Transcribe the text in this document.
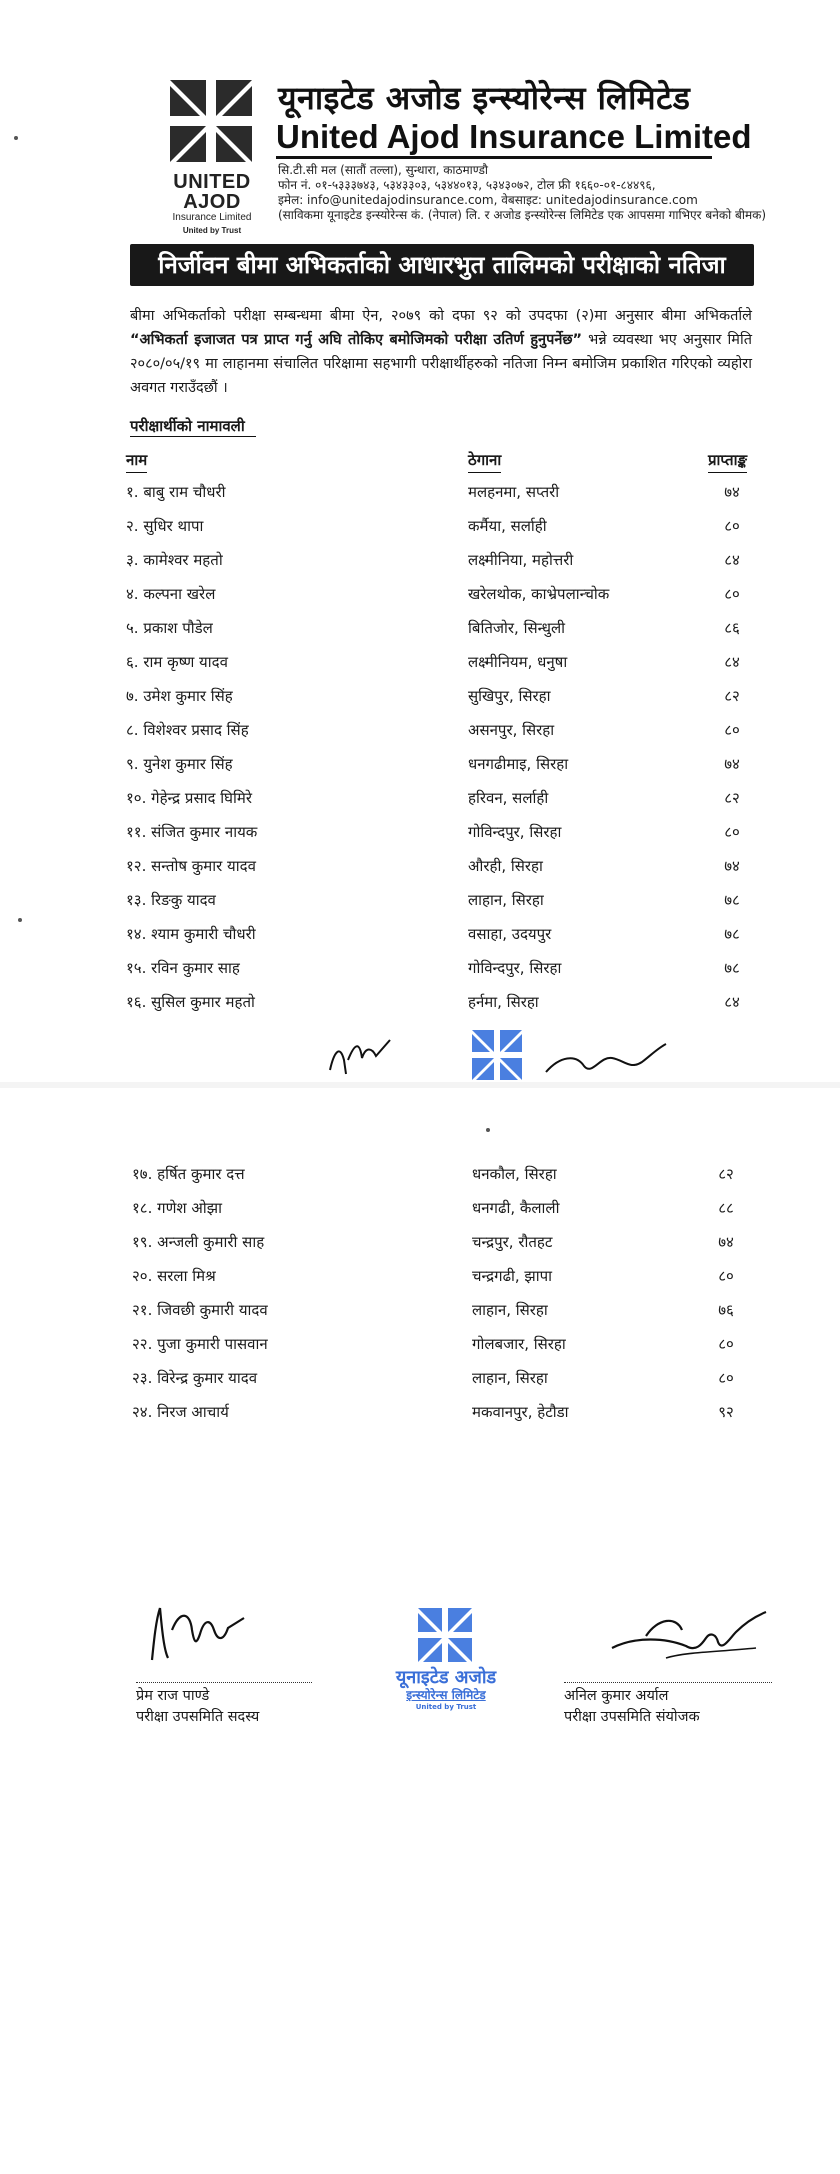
UNITED AJOD
Insurance Limited
United by Trust
यूनाइटेड अजोड इन्स्योरेन्स लिमिटेड
United Ajod Insurance Limited
सि.टी.सी मल (सातौं तल्ला), सुन्धारा, काठमाण्डौ
फोन नं. ०१-५३३३७४३, ५३४३३०३, ५३४४०१३, ५३४३०७२, टोल फ्री १६६०-०१-८४४९६,
इमेल: info@unitedajodinsurance.com, वेबसाइट: unitedajodinsurance.com
(साविकमा यूनाइटेड इन्स्योरेन्स कं. (नेपाल) लि. र अजोड इन्स्योरेन्स लिमिटेड एक आपसमा गाभिएर बनेको बीमक)
निर्जीवन बीमा अभिकर्ताको आधारभुत तालिमको परीक्षाको नतिजा
बीमा अभिकर्ताको परीक्षा सम्बन्धमा बीमा ऐन, २०७९ को दफा ९२ को उपदफा (२)मा अनुसार बीमा अभिकर्ताले “अभिकर्ता इजाजत पत्र प्राप्त गर्नु अघि तोकिए बमोजिमको परीक्षा उतिर्ण हुनुपर्नेछ” भन्ने व्यवस्था भए अनुसार मिति २०८०/०५/१९ मा लाहानमा संचालित परिक्षामा सहभागी परीक्षार्थीहरुको नतिजा निम्न बमोजिम प्रकाशित गरिएको व्यहोरा अवगत गराउँदछौं ।
परीक्षार्थीको नामावली
नाम	ठेगाना	प्राप्ताङ्क
१. बाबु राम चौधरी	मलहनमा, सप्तरी	७४
२. सुधिर थापा	कर्मैया, सर्लाही	८०
३. कामेश्वर महतो	लक्ष्मीनिया, महोत्तरी	८४
४. कल्पना खरेल	खरेलथोक, काभ्रेपलान्चोक	८०
५. प्रकाश पौडेल	बितिजोर, सिन्धुली	८६
६. राम कृष्ण यादव	लक्ष्मीनियम, धनुषा	८४
७. उमेश कुमार सिंह	सुखिपुर, सिरहा	८२
८. विशेश्वर प्रसाद सिंह	असनपुर, सिरहा	८०
९. युनेश कुमार सिंह	धनगढीमाइ, सिरहा	७४
१०. गेहेन्द्र प्रसाद घिमिरे	हरिवन, सर्लाही	८२
११. संजित कुमार नायक	गोविन्दपुर, सिरहा	८०
१२. सन्तोष कुमार यादव	औरही, सिरहा	७४
१३. रिङकु यादव	लाहान, सिरहा	७८
१४. श्याम कुमारी चौधरी	वसाहा, उदयपुर	७८
१५. रविन कुमार साह	गोविन्दपुर, सिरहा	७८
१६. सुसिल कुमार महतो	हर्नमा, सिरहा	८४
१७. हर्षित कुमार दत्त	धनकौल, सिरहा	८२
१८. गणेश ओझा	धनगढी, कैलाली	८८
१९. अन्जली कुमारी साह	चन्द्रपुर, रौतहट	७४
२०. सरला मिश्र	चन्द्रगढी, झापा	८०
२१. जिवछी कुमारी यादव	लाहान, सिरहा	७६
२२. पुजा कुमारी पासवान	गोलबजार, सिरहा	८०
२३. विरेन्द्र कुमार यादव	लाहान, सिरहा	८०
२४. निरज आचार्य	मकवानपुर, हेटौडा	९२
प्रेम राज पाण्डे
परीक्षा उपसमिति सदस्य
यूनाइटेड अजोड
इन्स्योरेन्स लिमिटेड
United by Trust
अनिल कुमार अर्याल
परीक्षा उपसमिति संयोजक
